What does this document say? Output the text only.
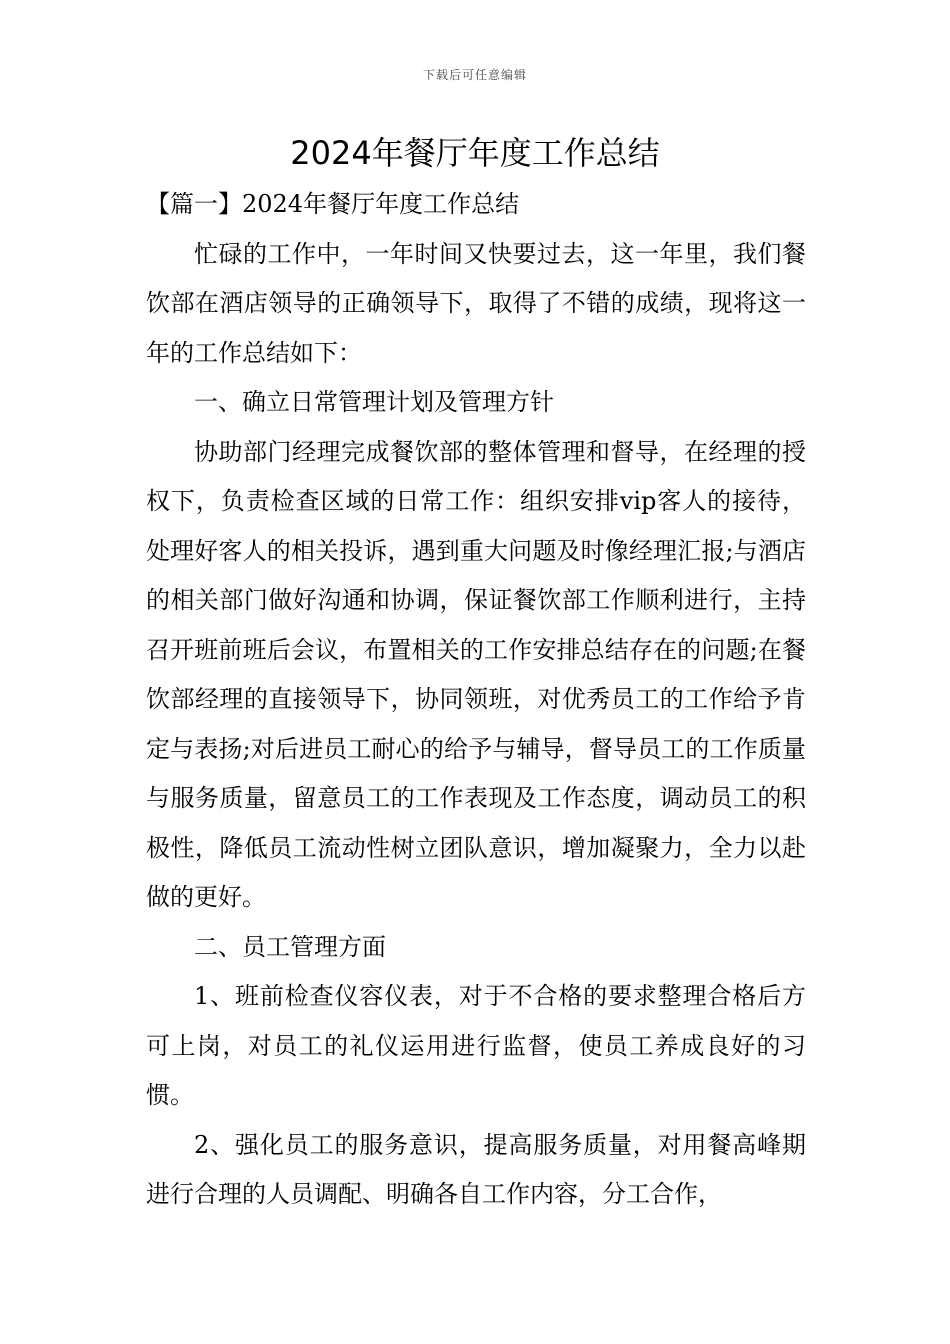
下载后可任意编辑
2024年餐厅年度工作总结

【篇一】2024年餐厅年度工作总结

忙碌的工作中，一年时间又快要过去，这一年里，我们餐饮部在酒店领导的正确领导下，取得了不错的成绩，现将这一年的工作总结如下：

一、确立日常管理计划及管理方针

协助部门经理完成餐饮部的整体管理和督导，在经理的授权下，负责检查区域的日常工作：组织安排vip客人的接待，处理好客人的相关投诉，遇到重大问题及时像经理汇报;与酒店的相关部门做好沟通和协调，保证餐饮部工作顺利进行，主持召开班前班后会议，布置相关的工作安排总结存在的问题;在餐饮部经理的直接领导下，协同领班，对优秀员工的工作给予肯定与表扬;对后进员工耐心的给予与辅导，督导员工的工作质量与服务质量，留意员工的工作表现及工作态度，调动员工的积极性，降低员工流动性树立团队意识，增加凝聚力，全力以赴做的更好。

二、员工管理方面

1、班前检查仪容仪表，对于不合格的要求整理合格后方可上岗，对员工的礼仪运用进行监督，使员工养成良好的习惯。

2、强化员工的服务意识，提高服务质量，对用餐高峰期进行合理的人员调配、明确各自工作内容，分工合作，
